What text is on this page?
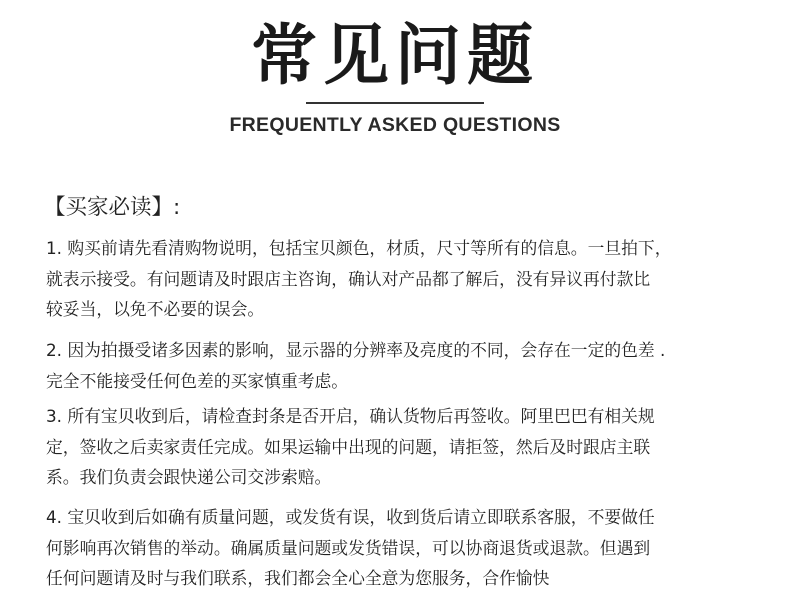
常见问题
FREQUENTLY ASKED QUESTIONS
【买家必读】:
1. 购买前请先看清购物说明，包括宝贝颜色，材质，尺寸等所有的信息。一旦拍下，
就表示接受。有问题请及时跟店主咨询，确认对产品都了解后，没有异议再付款比
较妥当，以免不必要的误会。
2. 因为拍摄受诸多因素的影响，显示器的分辨率及亮度的不同，会存在一定的色差 .
完全不能接受任何色差的买家慎重考虑。
3. 所有宝贝收到后，请检查封条是否开启，确认货物后再签收。阿里巴巴有相关规
定，签收之后卖家责任完成。如果运输中出现的问题，请拒签，然后及时跟店主联
系。我们负责会跟快递公司交涉索赔。
4. 宝贝收到后如确有质量问题，或发货有误，收到货后请立即联系客服，不要做任
何影响再次销售的举动。确属质量问题或发货错误，可以协商退货或退款。但遇到
任何问题请及时与我们联系，我们都会全心全意为您服务，合作愉快
